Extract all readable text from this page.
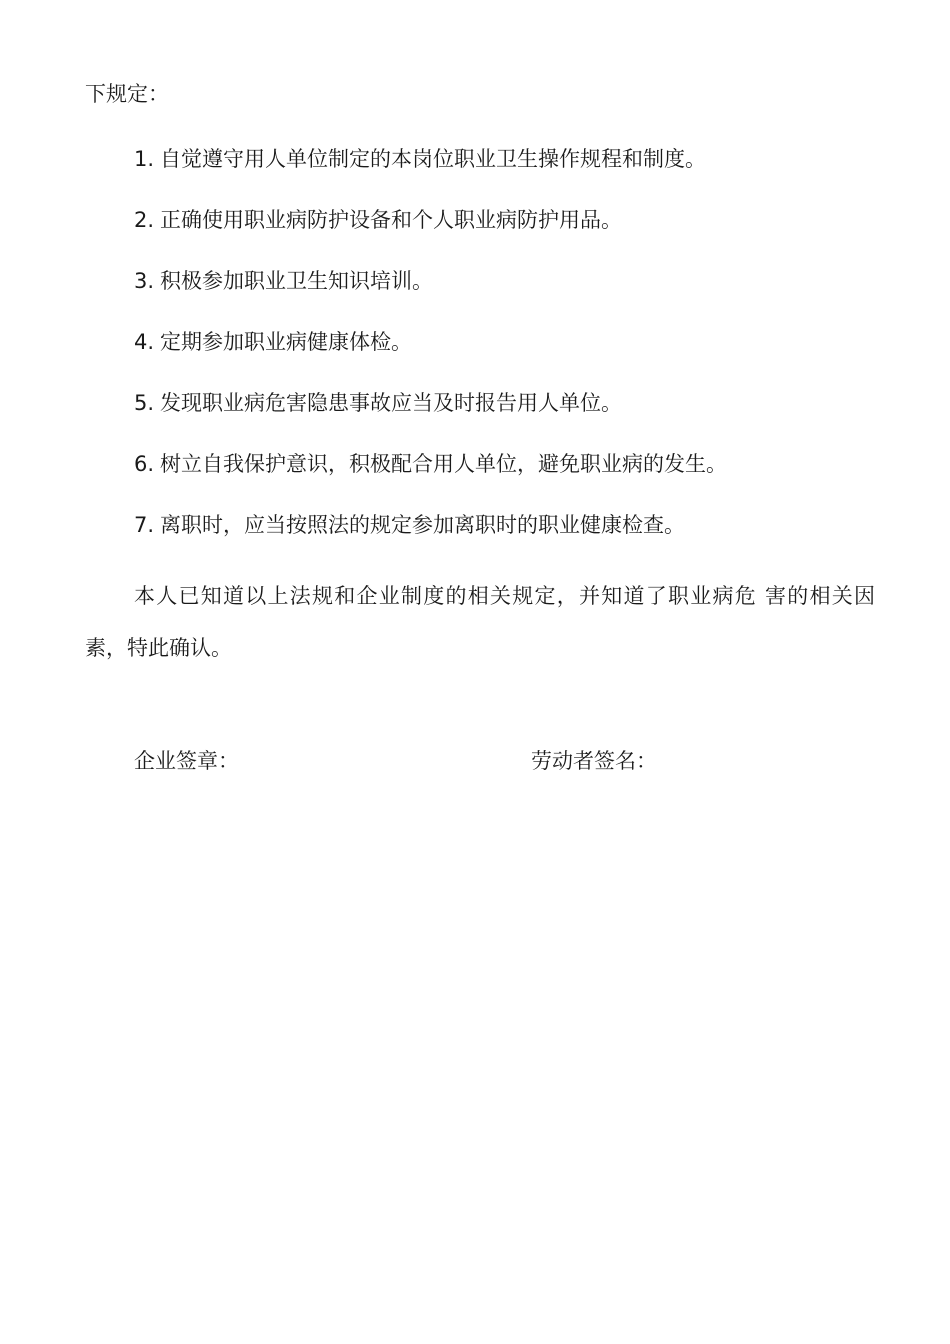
下规定：
1. 自觉遵守用人单位制定的本岗位职业卫生操作规程和制度。
2. 正确使用职业病防护设备和个人职业病防护用品。
3. 积极参加职业卫生知识培训。
4. 定期参加职业病健康体检。
5. 发现职业病危害隐患事故应当及时报告用人单位。
6. 树立自我保护意识，积极配合用人单位，避免职业病的发生。
7. 离职时，应当按照法的规定参加离职时的职业健康检查。
本人已知道以上法规和企业制度的相关规定，并知道了职业病危 害的相关因素，特此确认。
企业签章：	劳动者签名：
